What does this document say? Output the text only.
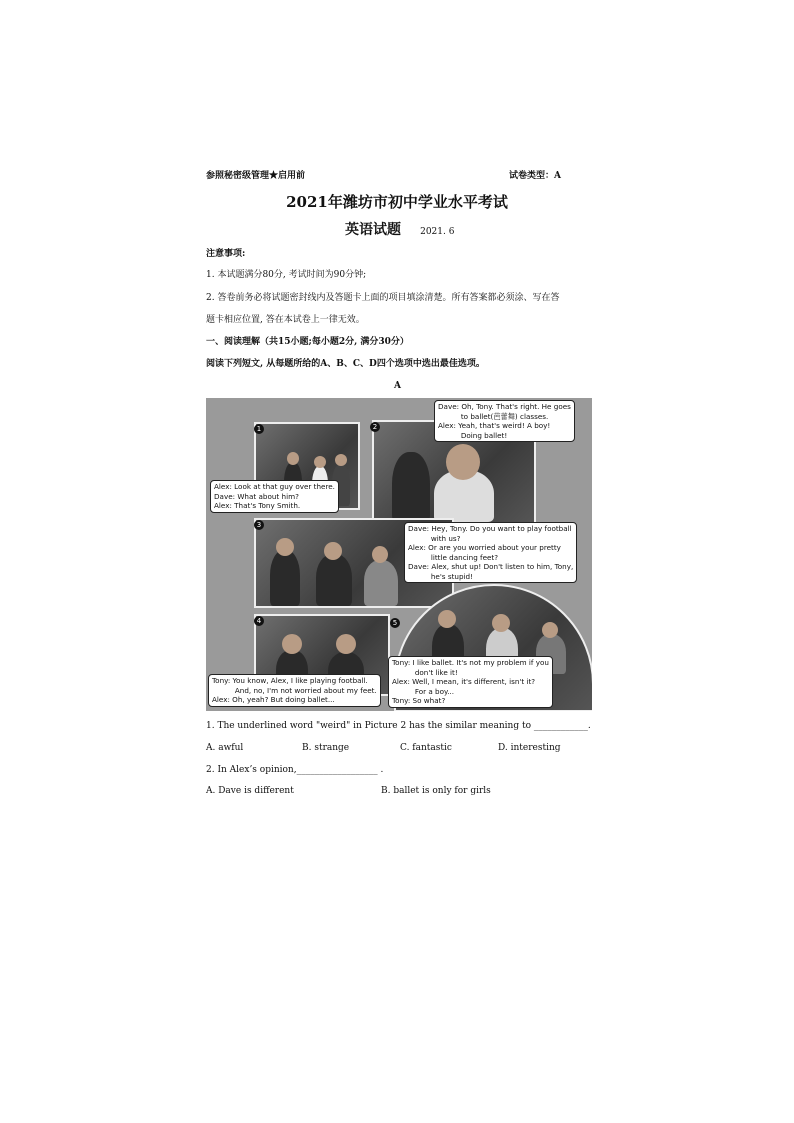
参照秘密级管理★启用前	试卷类型：A
2021年潍坊市初中学业水平考试
英语试题 2021. 6
注意事项:
1. 本试题满分80分, 考试时间为90分钟;
2. 答卷前务必将试题密封线内及答题卡上面的项目填涂清楚。所有答案都必须涂、写在答
题卡相应位置, 答在本试卷上一律无效。
一、阅读理解（共15小题;每小题2分, 满分30分）
阅读下列短文, 从每题所给的A、B、C、D四个选项中选出最佳选项。
A
1
Alex: Look at that guy over there.
Dave: What about him?
Alex: That's Tony Smith.
2
Dave: Oh, Tony. That's right. He goes
to ballet(芭蕾舞) classes.
Alex: Yeah, that's weird! A boy!
Doing ballet!
3	Dave: Hey, Tony. Do you want to play football
with us?
Alex: Or are you worried about your pretty
little dancing feet?
Dave: Alex, shut up! Don't listen to him, Tony,
he's stupid!
4
Tony: You know, Alex, I like playing football.
And, no, I'm not worried about my feet.
Alex: Oh, yeah? But doing ballet...
5
Tony: I like ballet. It's not my problem if you
don't like it!
Alex: Well, I mean, it's different, isn't it?
For a boy...
Tony: So what?
1. The underlined word "weird" in Picture 2 has the similar meaning to ____________.
A. awful	B. strange	C. fantastic	D. interesting
2. In Alex’s opinion,__________________ .
A. Dave is different	B. ballet is only for girls
